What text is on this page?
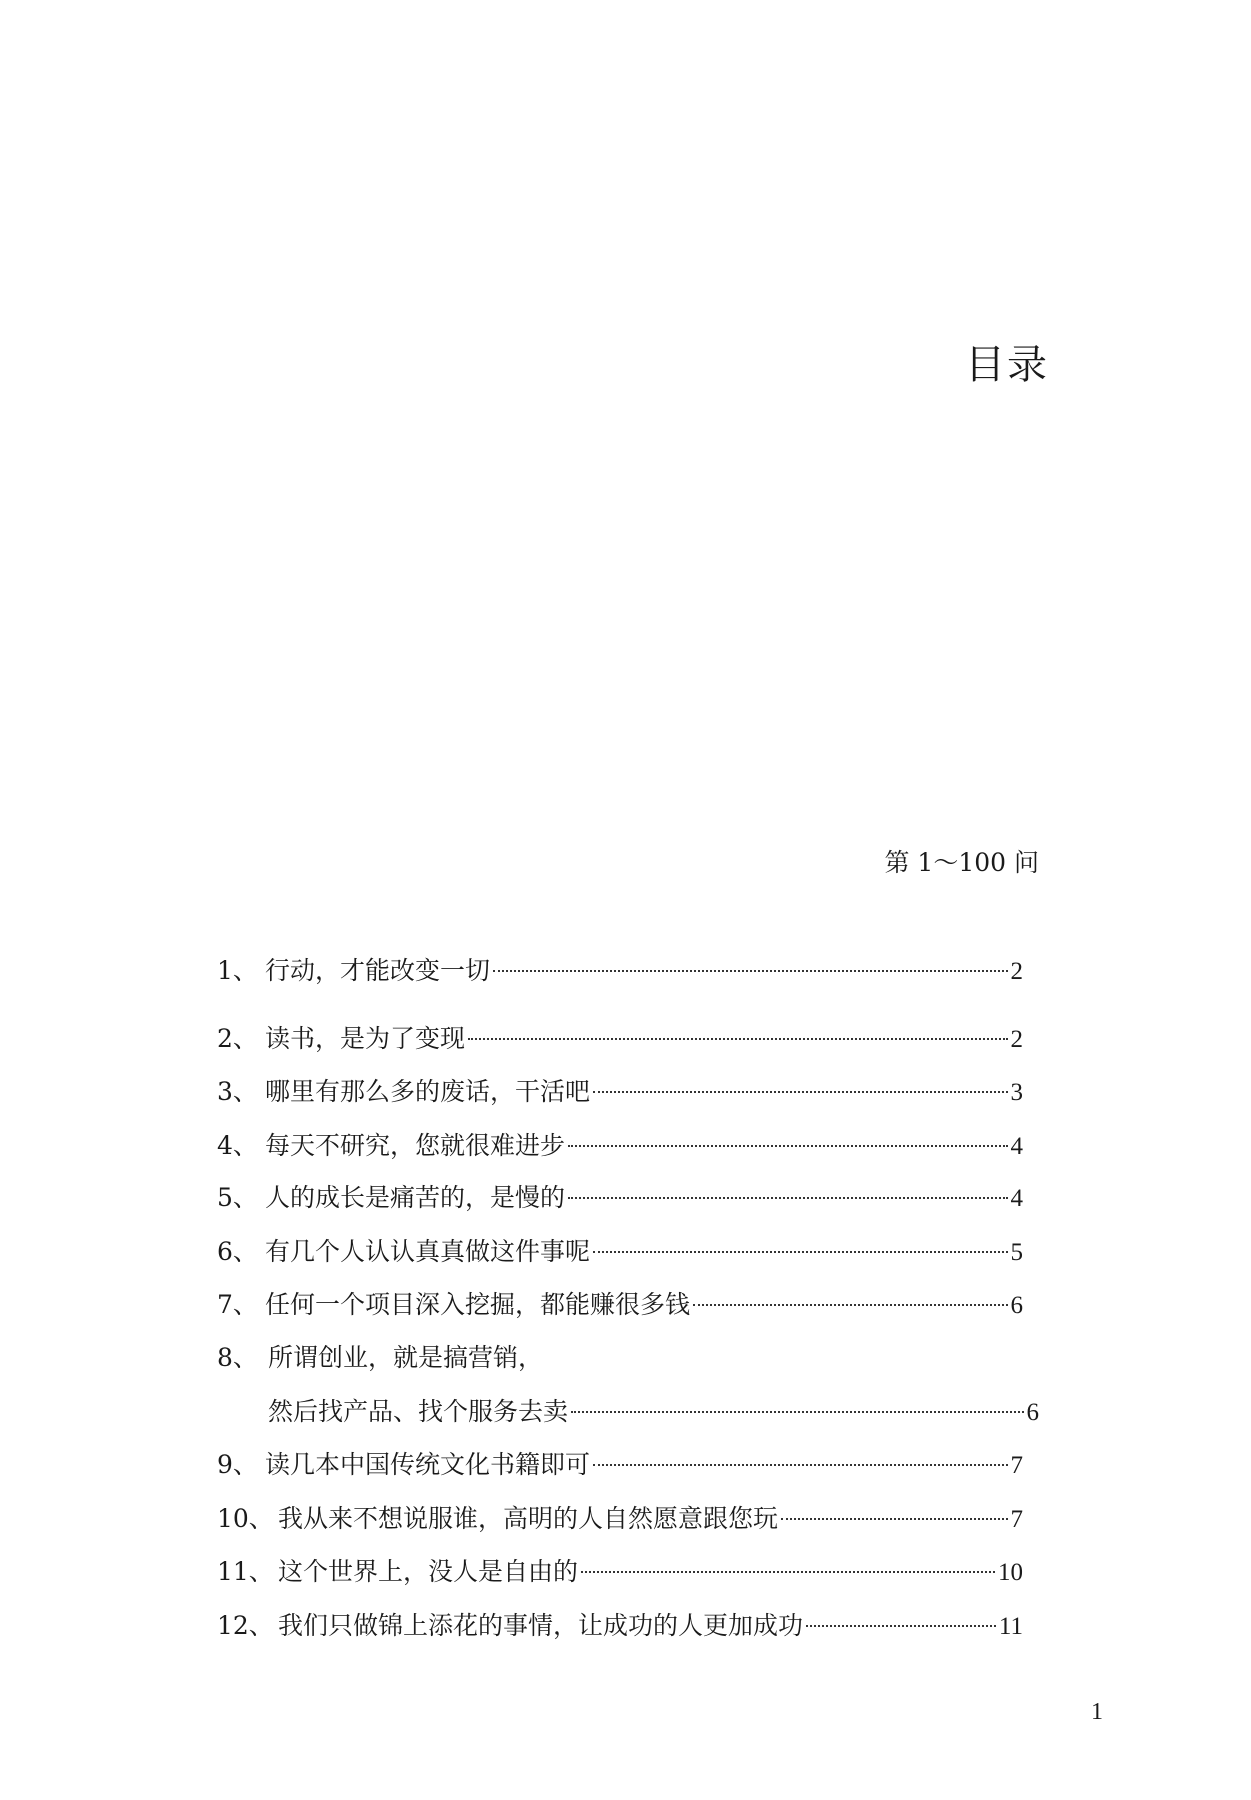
目录
第 1～100 问
1、 行动，才能改变一切	2
2、 读书，是为了变现	2
3、 哪里有那么多的废话，干活吧	3
4、 每天不研究，您就很难进步	4
5、 人的成长是痛苦的，是慢的	4
6、 有几个人认认真真做这件事呢	5
7、 任何一个项目深入挖掘，都能赚很多钱	6
8、 所谓创业，就是搞营销，
然后找产品、找个服务去卖	6
9、 读几本中国传统文化书籍即可	7
10、 我从来不想说服谁，高明的人自然愿意跟您玩	7
11、 这个世界上，没人是自由的	10
12、 我们只做锦上添花的事情，让成功的人更加成功	11
1
